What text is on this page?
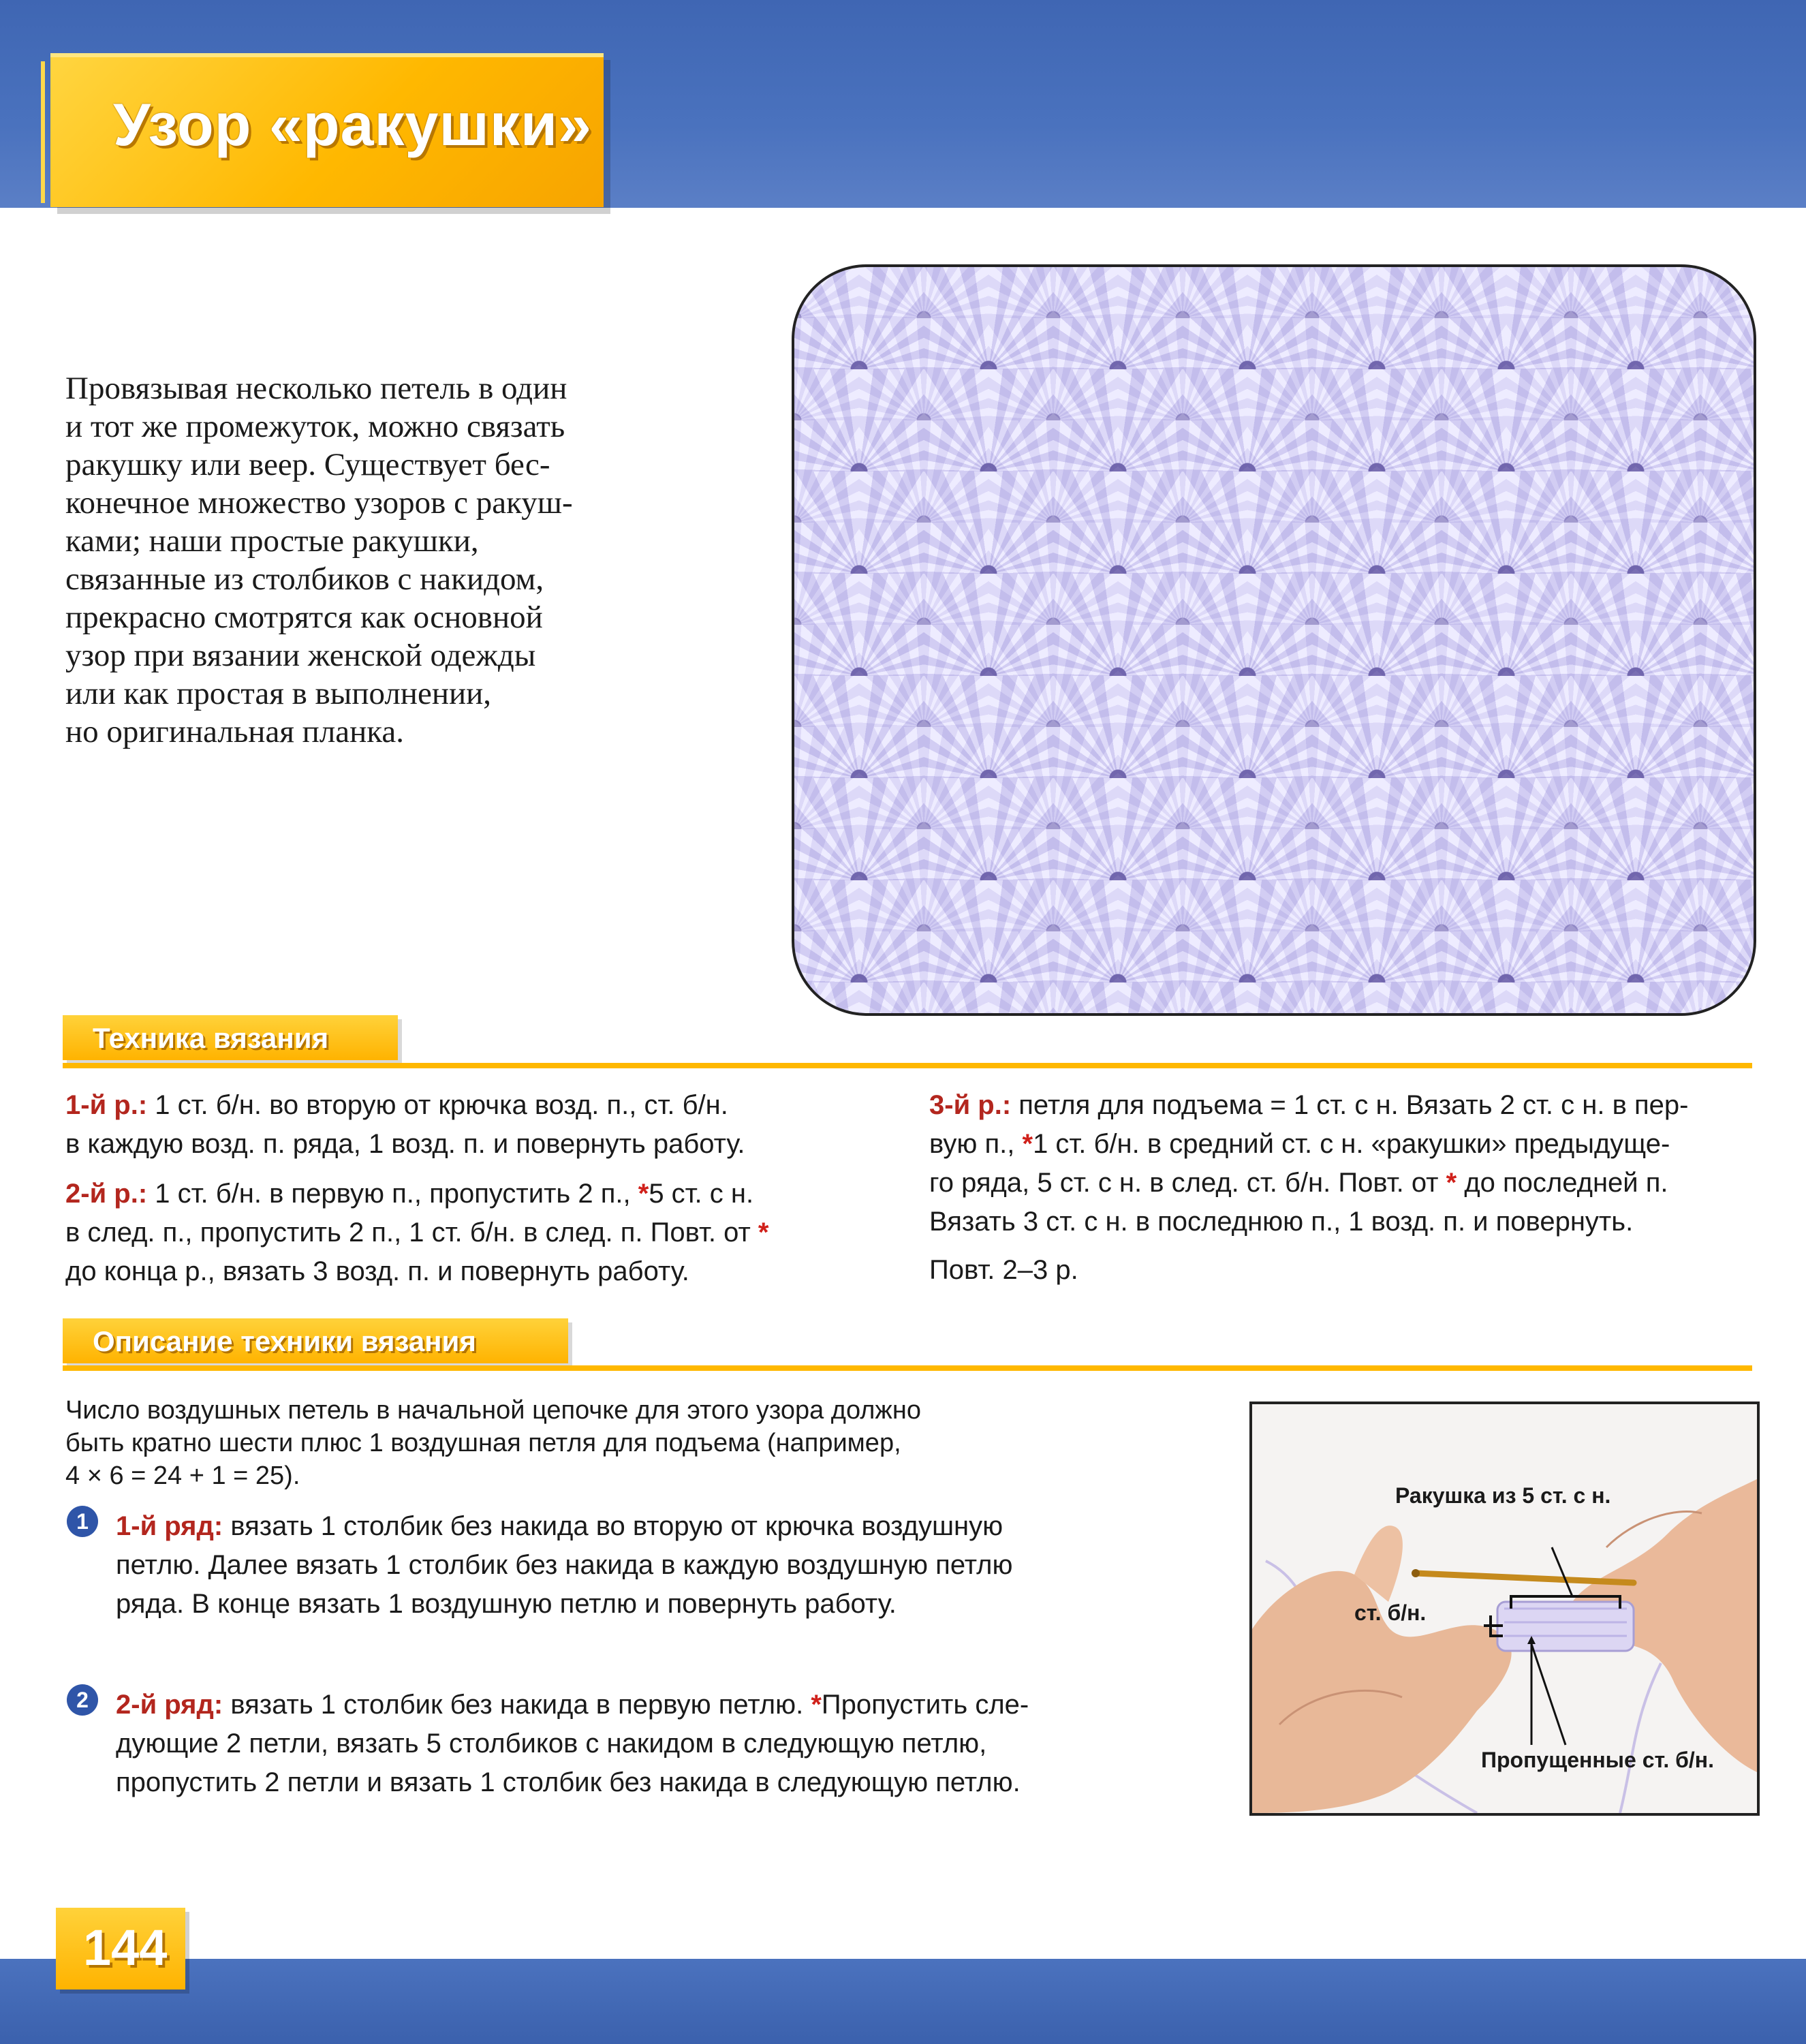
Узор «ракушки»

Провязывая несколько петель в один
и тот же промежуток, можно связать
ракушку или веер. Существует бес-
конечное множество узоров с ракуш-
ками; наши простые ракушки,
связанные из столбиков с накидом,
прекрасно смотрятся как основной
узор при вязании женской одежды
или как простая в выполнении,
но оригинальная планка.

Техника вязания

1-й р.: 1 ст. б/н. во вторую от крючка возд. п., ст. б/н.
в каждую возд. п. ряда, 1 возд. п. и повернуть работу.

2-й р.: 1 ст. б/н. в первую п., пропустить 2 п., *5 ст. с н.
в след. п., пропустить 2 п., 1 ст. б/н. в след. п. Повт. от *
до конца р., вязать 3 возд. п. и повернуть работу.

3-й р.: петля для подъема = 1 ст. с н. Вязать 2 ст. с н. в пер-
вую п., *1 ст. б/н. в средний ст. с н. «ракушки» предыдуще-
го ряда, 5 ст. с н. в след. ст. б/н. Повт. от * до последней п.
Вязать 3 ст. с н. в последнюю п., 1 возд. п. и повернуть.

Повт. 2–3 р.

Описание техники вязания

Число воздушных петель в начальной цепочке для этого узора должно
быть кратно шести плюс 1 воздушная петля для подъема (например,
4 × 6 = 24 + 1 = 25).

1	1-й ряд: вязать 1 столбик без накида во вторую от крючка воздушную
петлю. Далее вязать 1 столбик без накида в каждую воздушную петлю
ряда. В конце вязать 1 воздушную петлю и повернуть работу.

2	2-й ряд: вязать 1 столбик без накида в первую петлю. *Пропустить сле-
дующие 2 петли, вязать 5 столбиков с накидом в следующую петлю,
пропустить 2 петли и вязать 1 столбик без накида в следующую петлю.

Ракушка из 5 ст. с н.
ст. б/н.
Пропущенные ст. б/н.
144
